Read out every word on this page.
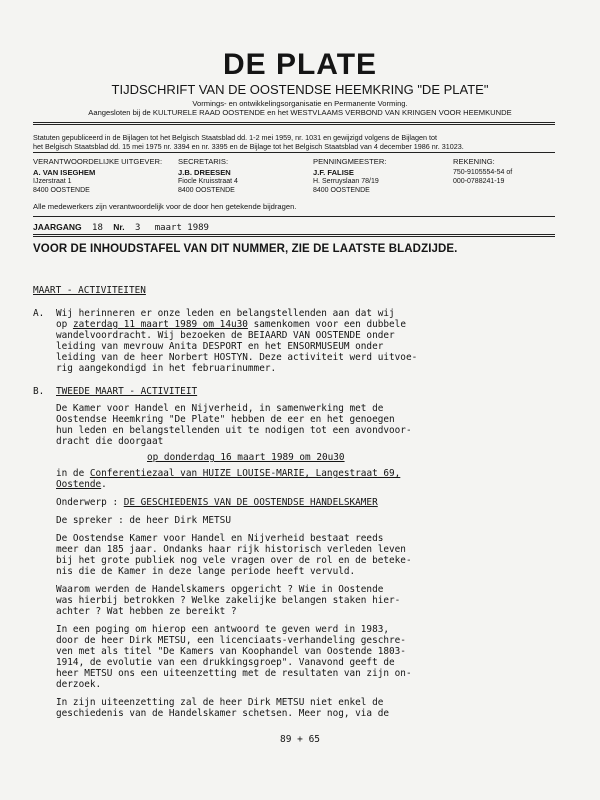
DE PLATE
TIJDSCHRIFT VAN DE OOSTENDSE HEEMKRING "DE PLATE"
Vormings- en ontwikkelingsorganisatie en Permanente Vorming.
Aangesloten bij de KULTURELE RAAD OOSTENDE en het WESTVLAAMS VERBOND VAN KRINGEN VOOR HEEMKUNDE
Statuten gepubliceerd in de Bijlagen tot het Belgisch Staatsblad dd. 1-2 mei 1959, nr. 1031 en gewijzigd volgens de Bijlagen tot
het Belgisch Staatsblad dd. 15 mei 1975 nr. 3394 en nr. 3395 en de Bijlage tot het Belgisch Staatsblad van 4 december 1986 nr. 31023.
VERANTWOORDELIJKE UITGEVER:
A. VAN ISEGHEM
IJzerstraat 1
8400 OOSTENDE
SECRETARIS:
J.B. DREESEN
Fiocle Kruisstraat 4
8400 OOSTENDE
PENNINGMEESTER:
J.F. FALISE
H. Serruyslaan 78/19
8400 OOSTENDE
REKENING:
750-9105554-54 of
000-0788241-19
Alle medewerkers zijn verantwoordelijk voor de door hen getekende bijdragen.
JAARGANG 18 Nr. 3 maart 1989
VOOR DE INHOUDSTAFEL VAN DIT NUMMER, ZIE DE LAATSTE BLADZIJDE.
MAART - ACTIVITEITEN
A. Wij herinneren er onze leden en belangstellenden aan dat wij
op zaterdag 11 maart 1989 om 14u30 samenkomen voor een dubbele
wandelvoordracht. Wij bezoeken de BEIAARD VAN OOSTENDE onder
leiding van mevrouw Anita DESPORT en het ENSORMUSEUM onder
leiding van de heer Norbert HOSTYN. Deze activiteit werd uitvoe-
rig aangekondigd in het februarinummer.
B. TWEEDE MAART - ACTIVITEIT
De Kamer voor Handel en Nijverheid, in samenwerking met de
Oostendse Heemkring "De Plate" hebben de eer en het genoegen
hun leden en belangstellenden uit te nodigen tot een avondvoor-
dracht die doorgaat
op donderdag 16 maart 1989 om 20u30
in de Conferentiezaal van HUIZE LOUISE-MARIE, Langestraat 69,
Oostende.
Onderwerp : DE GESCHIEDENIS VAN DE OOSTENDSE HANDELSKAMER
De spreker : de heer Dirk METSU
De Oostendse Kamer voor Handel en Nijverheid bestaat reeds
meer dan 185 jaar. Ondanks haar rijk historisch verleden leven
bij het grote publiek nog vele vragen over de rol en de beteke-
nis die de Kamer in deze lange periode heeft vervuld.
Waarom werden de Handelskamers opgericht ? Wie in Oostende
was hierbij betrokken ? Welke zakelijke belangen staken hier-
achter ? Wat hebben ze bereikt ?
In een poging om hierop een antwoord te geven werd in 1983,
door de heer Dirk METSU, een licenciaats-verhandeling geschre-
ven met als titel "De Kamers van Koophandel van Oostende 1803-
1914, de evolutie van een drukkingsgroep". Vanavond geeft de
heer METSU ons een uiteenzetting met de resultaten van zijn on-
derzoek.
In zijn uiteenzetting zal de heer Dirk METSU niet enkel de
geschiedenis van de Handelskamer schetsen. Meer nog, via de
89 + 65
